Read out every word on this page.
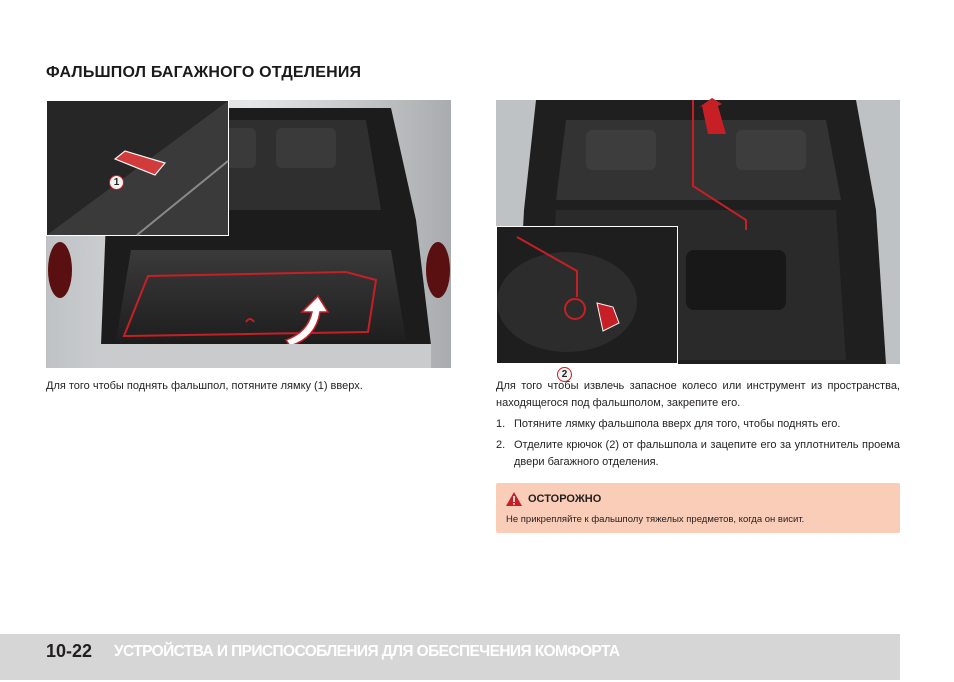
ФАЛЬШПОЛ БАГАЖНОГО ОТДЕЛЕНИЯ
1
2

Для того чтобы поднять фальшпол, потяните лямку (1) вверх.	Для того чтобы извлечь запасное колесо или инструмент из пространства, находящегося под фальшполом, закрепите его.

1. Потяните лямку фальшпола вверх для того, чтобы поднять его.
2. Отделите крючок (2) от фальшпола и зацепите его за уплотнитель проема двери багажного отделения.
ОСТОРОЖНО
Не прикрепляйте к фальшполу тяжелых предметов, когда он висит.
10-22 УСТРОЙСТВА И ПРИСПОСОБЛЕНИЯ ДЛЯ ОБЕСПЕЧЕНИЯ КОМФОРТА
